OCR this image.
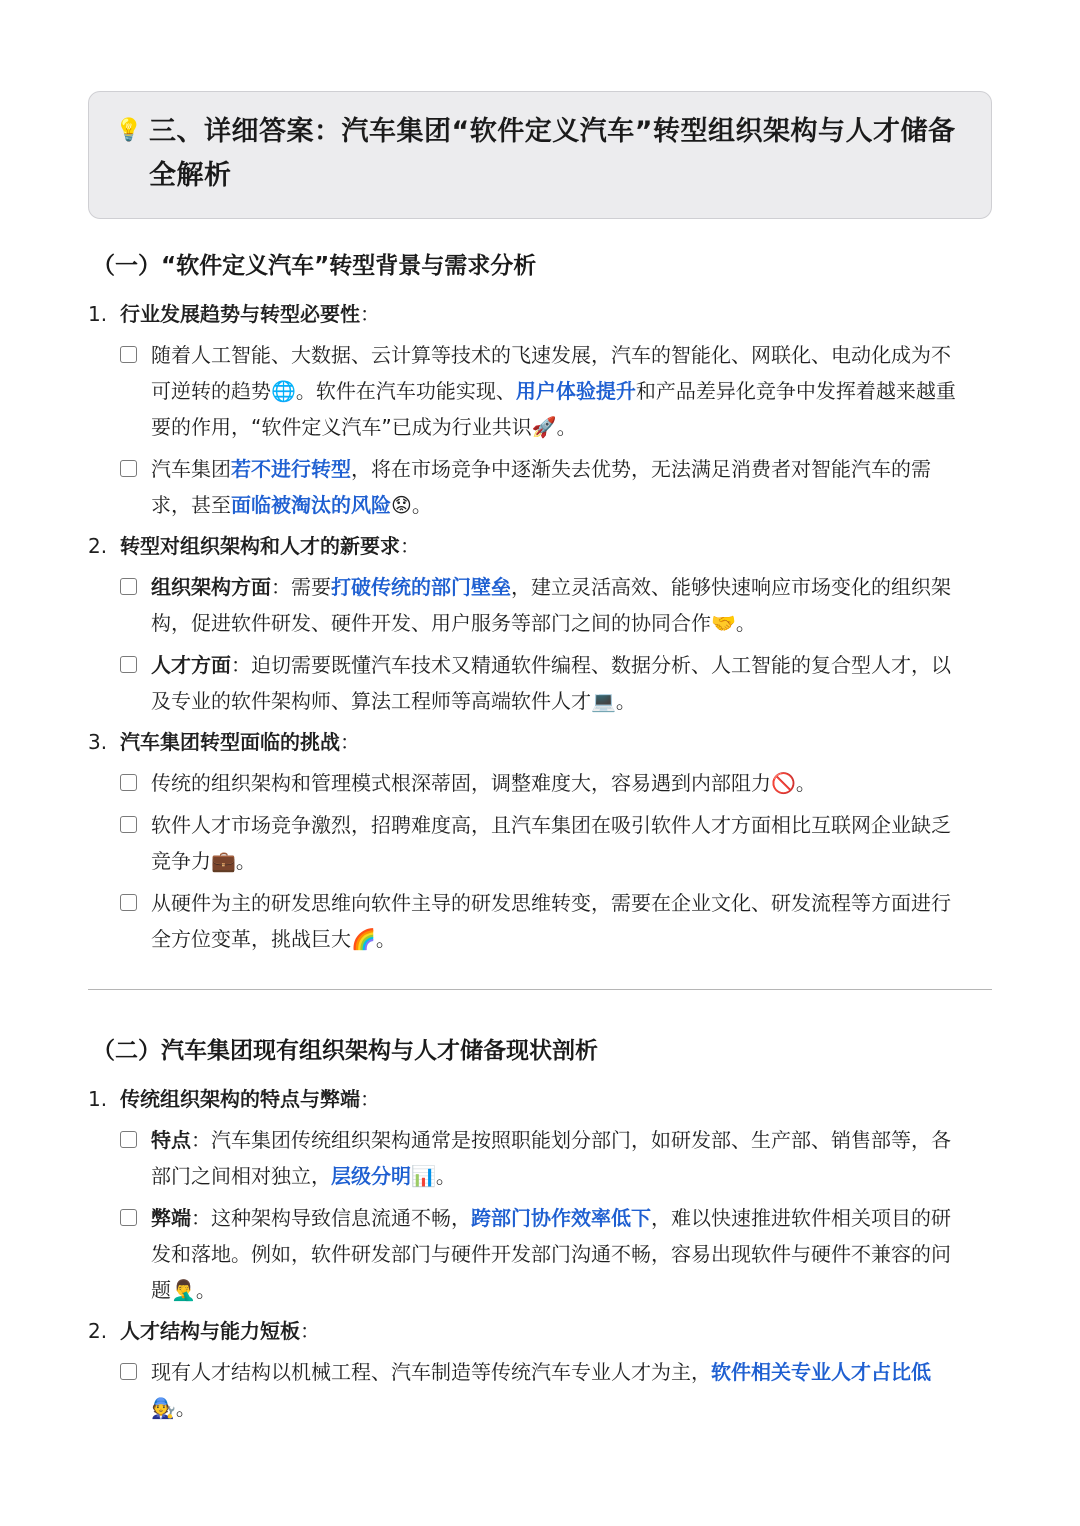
💡 三、详细答案：汽车集团“软件定义汽车”转型组织架构与人才储备全解析
（一）“软件定义汽车”转型背景与需求分析
1. 行业发展趋势与转型必要性：
随着人工智能、大数据、云计算等技术的飞速发展，汽车的智能化、网联化、电动化成为不可逆转的趋势🌐。软件在汽车功能实现、用户体验提升和产品差异化竞争中发挥着越来越重要的作用，“软件定义汽车”已成为行业共识🚀。
汽车集团若不进行转型，将在市场竞争中逐渐失去优势，无法满足消费者对智能汽车的需求，甚至面临被淘汰的风险😟。
2. 转型对组织架构和人才的新要求：
组织架构方面：需要打破传统的部门壁垒，建立灵活高效、能够快速响应市场变化的组织架构，促进软件研发、硬件开发、用户服务等部门之间的协同合作🤝。
人才方面：迫切需要既懂汽车技术又精通软件编程、数据分析、人工智能的复合型人才，以及专业的软件架构师、算法工程师等高端软件人才💻。
3. 汽车集团转型面临的挑战：
传统的组织架构和管理模式根深蒂固，调整难度大，容易遇到内部阻力🚫。
软件人才市场竞争激烈，招聘难度高，且汽车集团在吸引软件人才方面相比互联网企业缺乏竞争力💼。
从硬件为主的研发思维向软件主导的研发思维转变，需要在企业文化、研发流程等方面进行全方位变革，挑战巨大🌈。
（二）汽车集团现有组织架构与人才储备现状剖析
1. 传统组织架构的特点与弊端：
特点：汽车集团传统组织架构通常是按照职能划分部门，如研发部、生产部、销售部等，各部门之间相对独立，层级分明📊。
弊端：这种架构导致信息流通不畅，跨部门协作效率低下，难以快速推进软件相关项目的研发和落地。例如，软件研发部门与硬件开发部门沟通不畅，容易出现软件与硬件不兼容的问题🤦‍♂️。
2. 人才结构与能力短板：
现有人才结构以机械工程、汽车制造等传统汽车专业人才为主，软件相关专业人才占比低🧑‍🔧。
